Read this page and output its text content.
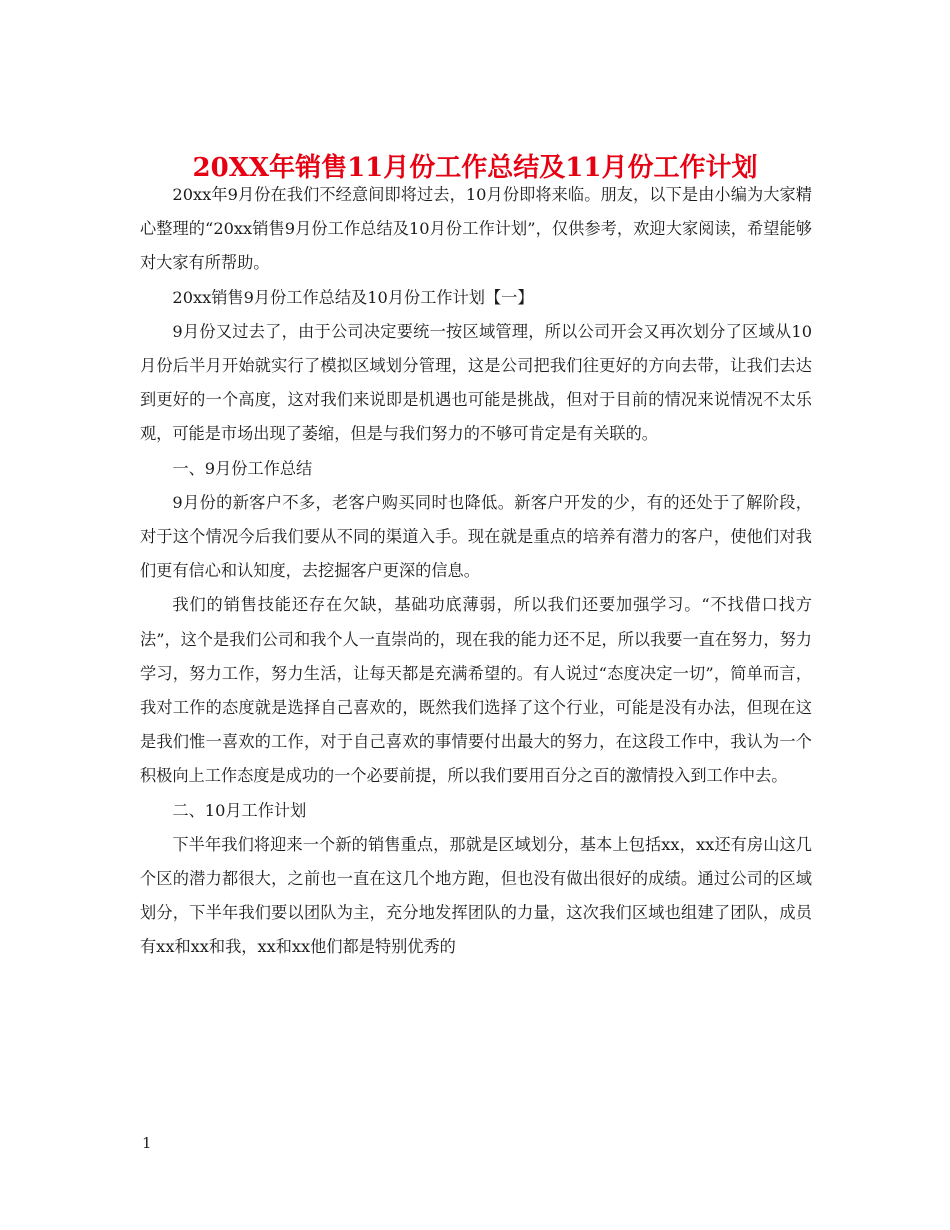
20XX年销售11月份工作总结及11月份工作计划

20xx年9月份在我们不经意间即将过去，10月份即将来临。朋友，以下是由小编为大家精心整理的“20xx销售9月份工作总结及10月份工作计划”，仅供参考，欢迎大家阅读，希望能够对大家有所帮助。

20xx销售9月份工作总结及10月份工作计划【一】

9月份又过去了，由于公司决定要统一按区域管理，所以公司开会又再次划分了区域从10月份后半月开始就实行了模拟区域划分管理，这是公司把我们往更好的方向去带，让我们去达到更好的一个高度，这对我们来说即是机遇也可能是挑战，但对于目前的情况来说情况不太乐观，可能是市场出现了萎缩，但是与我们努力的不够可肯定是有关联的。

一、9月份工作总结

9月份的新客户不多，老客户购买同时也降低。新客户开发的少，有的还处于了解阶段，对于这个情况今后我们要从不同的渠道入手。现在就是重点的培养有潜力的客户，使他们对我们更有信心和认知度，去挖掘客户更深的信息。

我们的销售技能还存在欠缺，基础功底薄弱，所以我们还要加强学习。“不找借口找方法”，这个是我们公司和我个人一直崇尚的，现在我的能力还不足，所以我要一直在努力，努力学习，努力工作，努力生活，让每天都是充满希望的。有人说过“态度决定一切”，简单而言，我对工作的态度就是选择自己喜欢的，既然我们选择了这个行业，可能是没有办法，但现在这是我们惟一喜欢的工作，对于自己喜欢的事情要付出最大的努力，在这段工作中，我认为一个积极向上工作态度是成功的一个必要前提，所以我们要用百分之百的激情投入到工作中去。

二、10月工作计划

下半年我们将迎来一个新的销售重点，那就是区域划分，基本上包括xx，xx还有房山这几个区的潜力都很大，之前也一直在这几个地方跑，但也没有做出很好的成绩。通过公司的区域划分，下半年我们要以团队为主，充分地发挥团队的力量，这次我们区域也组建了团队，成员有xx和xx和我，xx和xx他们都是特别优秀的

1
